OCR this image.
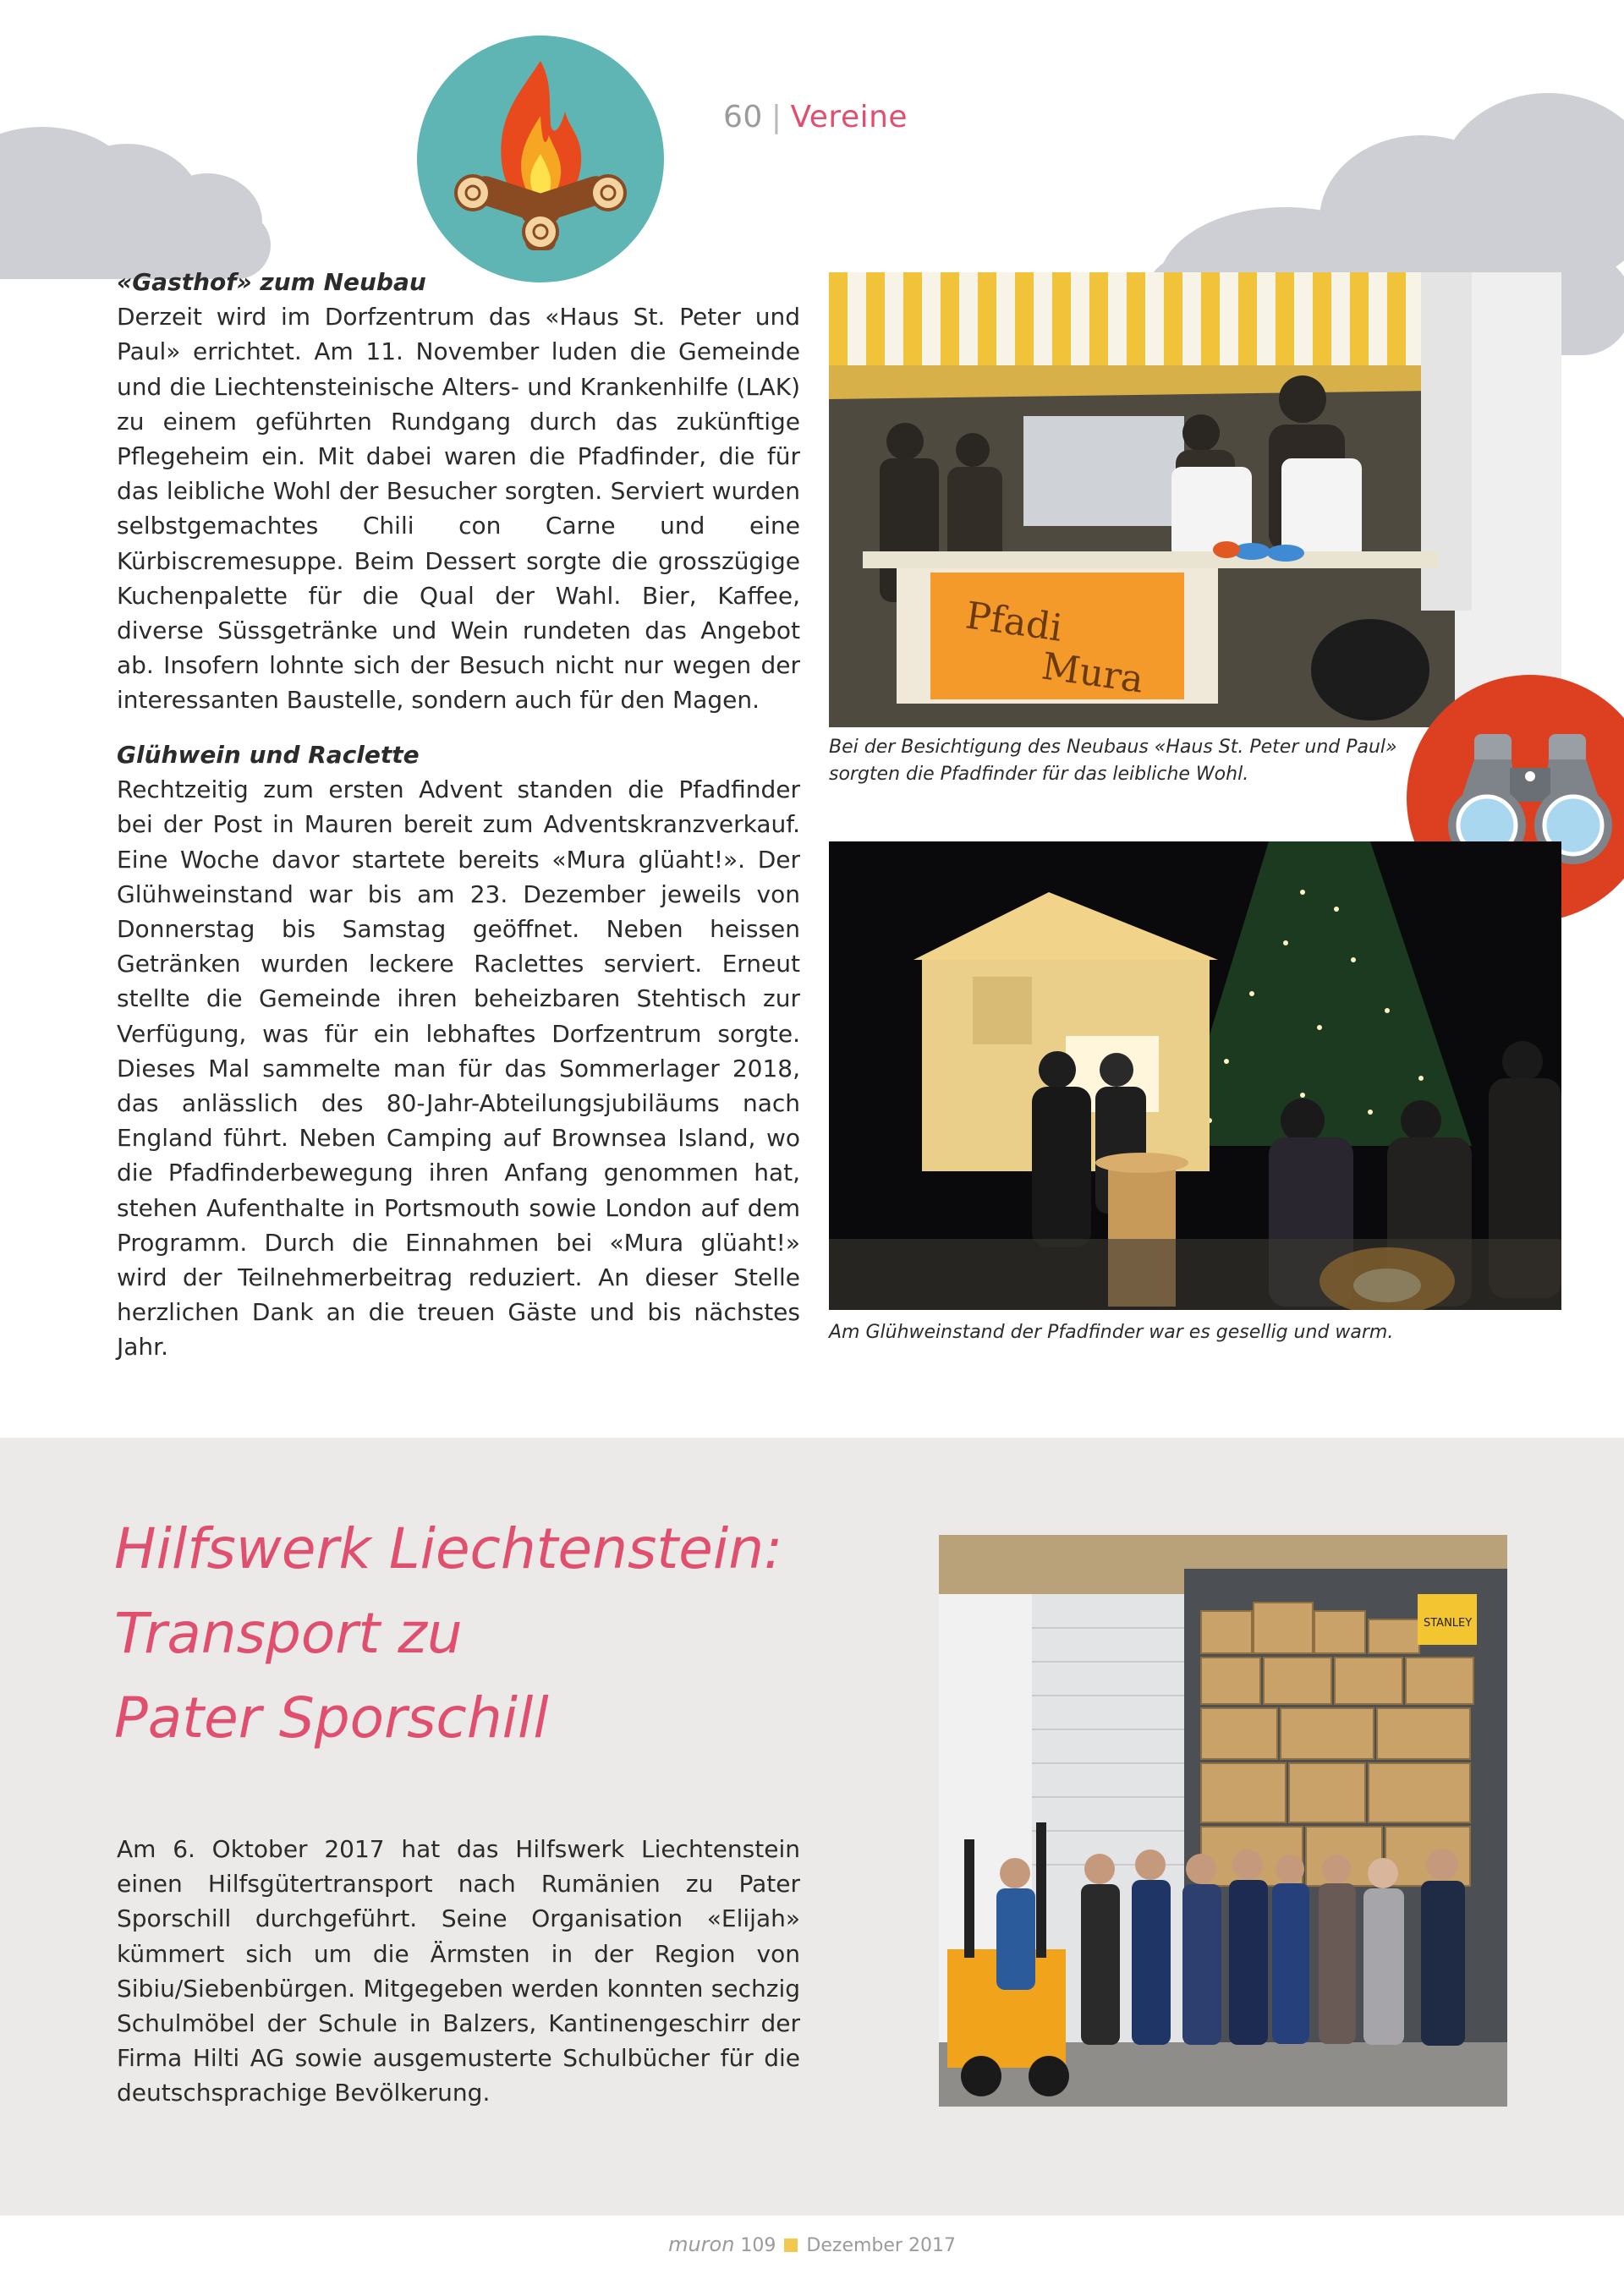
60 | Vereine
«Gasthof» zum Neubau

Derzeit wird im Dorfzentrum das «Haus St. Peter und Paul» errichtet. Am 11. November luden die Gemeinde und die Liechtensteinische Alters- und Krankenhilfe (LAK) zu einem geführten Rundgang durch das zukünftige Pflegeheim ein. Mit dabei waren die Pfadfinder, die für das leibliche Wohl der Besucher sorgten. Serviert wurden selbstgemachtes Chili con Carne und eine Kürbiscremesuppe. Beim Dessert sorgte die grosszügige Kuchenpalette für die Qual der Wahl. Bier, Kaffee, diverse Süssgetränke und Wein rundeten das Angebot ab. Insofern lohnte sich der Besuch nicht nur wegen der interessanten Baustelle, sondern auch für den Magen.

Glühwein und Raclette

Rechtzeitig zum ersten Advent standen die Pfadfinder bei der Post in Mauren bereit zum Adventskranzverkauf. Eine Woche davor startete bereits «Mura glüaht!». Der Glühweinstand war bis am 23. Dezember jeweils von Donnerstag bis Samstag geöffnet. Neben heissen Getränken wurden leckere Raclettes serviert. Erneut stellte die Gemeinde ihren beheizbaren Stehtisch zur Verfügung, was für ein lebhaftes Dorfzentrum sorgte. Dieses Mal sammelte man für das Sommerlager 2018, das anlässlich des 80-Jahr-Abteilungsjubiläums nach England führt. Neben Camping auf Brownsea Island, wo die Pfadfinderbewegung ihren Anfang genommen hat, stehen Aufenthalte in Portsmouth sowie London auf dem Programm. Durch die Einnahmen bei «Mura glüaht!» wird der Teilnehmerbeitrag reduziert. An dieser Stelle herzlichen Dank an die treuen Gäste und bis nächstes Jahr.

Pfadi
Mura
Bei der Besichtigung des Neubaus «Haus St. Peter und Paul» sorgten die Pfadfinder für das leibliche Wohl.
Am Glühweinstand der Pfadfinder war es gesellig und warm.
Hilfswerk Liechtenstein:
Transport zu
Pater Sporschill

Am 6. Oktober 2017 hat das Hilfswerk Liechtenstein einen Hilfsgütertransport nach Rumänien zu Pater Sporschill durchgeführt. Seine Organisation «Elijah» kümmert sich um die Ärmsten in der Region von Sibiu/Siebenbürgen. Mitgegeben werden konnten sechzig Schulmöbel der Schule in Balzers, Kantinengeschirr der Firma Hilti AG sowie ausgemusterte Schulbücher für die deutschsprachige Bevölkerung.

STANLEY
muron 109 Dezember 2017
